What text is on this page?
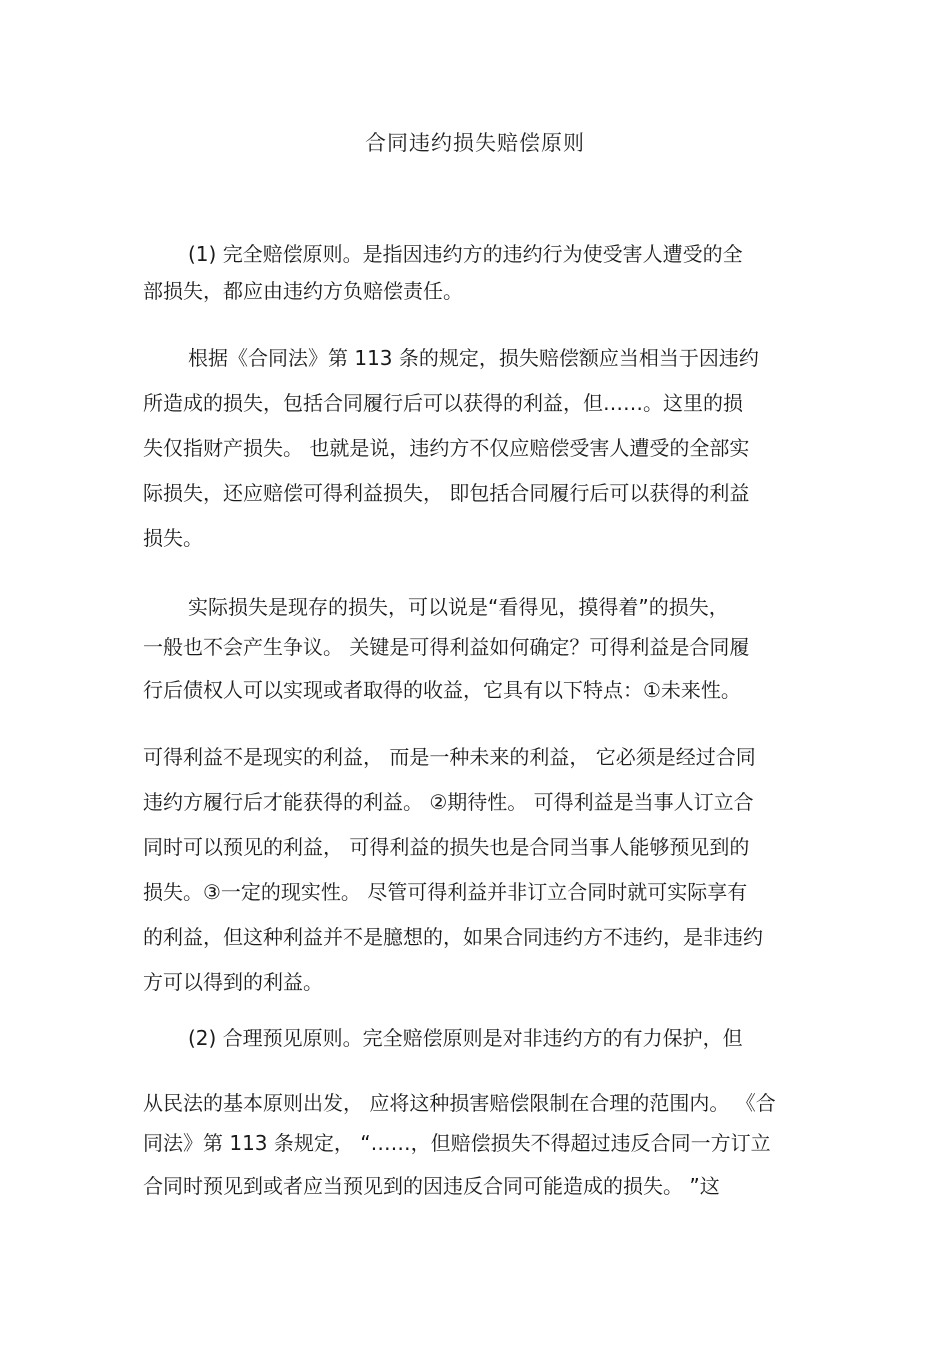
合同违约损失赔偿原则
(1) 完全赔偿原则。是指因违约方的违约行为使受害人遭受的全
部损失，都应由违约方负赔偿责任。
根据《合同法》第 113 条的规定，损失赔偿额应当相当于因违约
所造成的损失，包括合同履行后可以获得的利益，但……。这里的损
失仅指财产损失。 也就是说，违约方不仅应赔偿受害人遭受的全部实
际损失，还应赔偿可得利益损失， 即包括合同履行后可以获得的利益
损失。
实际损失是现存的损失，可以说是“看得见，摸得着”的损失，
一般也不会产生争议。 关键是可得利益如何确定？可得利益是合同履
行后债权人可以实现或者取得的收益，它具有以下特点：①未来性。
可得利益不是现实的利益， 而是一种未来的利益， 它必须是经过合同
违约方履行后才能获得的利益。 ②期待性。 可得利益是当事人订立合
同时可以预见的利益， 可得利益的损失也是合同当事人能够预见到的
损失。③一定的现实性。 尽管可得利益并非订立合同时就可实际享有
的利益，但这种利益并不是臆想的，如果合同违约方不违约，是非违约
方可以得到的利益。
(2) 合理预见原则。完全赔偿原则是对非违约方的有力保护，但
从民法的基本原则出发， 应将这种损害赔偿限制在合理的范围内。 《合
同法》第 113 条规定， “……，但赔偿损失不得超过违反合同一方订立
合同时预见到或者应当预见到的因违反合同可能造成的损失。 ”这
